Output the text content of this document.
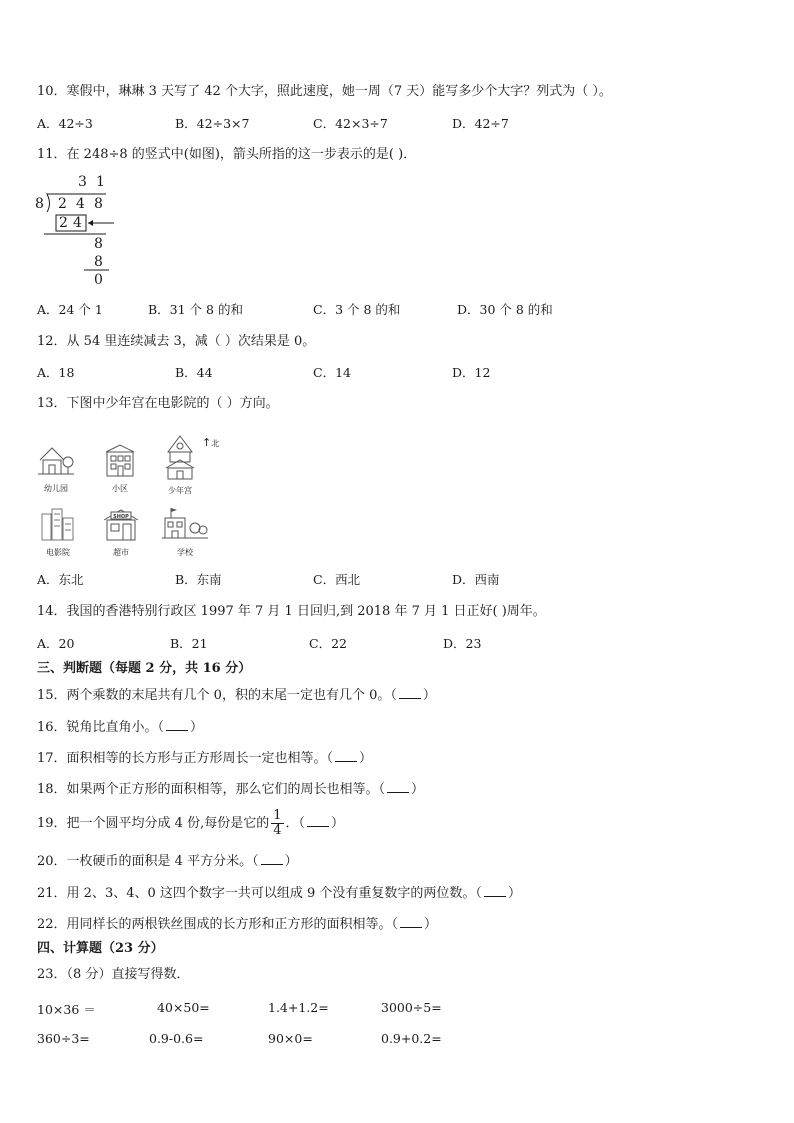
10．寒假中，琳琳 3 天写了 42 个大字，照此速度，她一周（7 天）能写多少个大字？列式为（ ）。
A．42÷3	B．42÷3×7	C．42×3÷7	D．42÷7
11．在 248÷8 的竖式中(如图)，箭头所指的这一步表示的是( )．
3 1
8 2 4 8
2 4
8
8
0
A．24 个 1	B．31 个 8 的和	C．3 个 8 的和	D．30 个 8 的和
12．从 54 里连续减去 3，减（ ）次结果是 0。
A．18	B．44	C．14	D．12
13．下图中少年宫在电影院的（ ）方向。
幼儿园	小区	少年宫
↑北
电影院
SHOP
超市	学校
A．东北	B．东南	C．西北	D．西南
14．我国的香港特别行政区 1997 年 7 月 1 日回归,到 2018 年 7 月 1 日正好( )周年。
A．20	B．21	C．22	D．23
三、判断题（每题 2 分，共 16 分）
15．两个乘数的末尾共有几个 0，积的末尾一定也有几个 0。（ ）
16．锐角比直角小。（ ）
17．面积相等的长方形与正方形周长一定也相等。（ ）
18．如果两个正方形的面积相等，那么它们的周长也相等。（ ）
19．把一个圆平均分成 4 份,每份是它的 $\frac{1}{4}$ ．（ ）
20．一枚硬币的面积是 4 平方分米。（ ）
21．用 2、3、4、0 这四个数字一共可以组成 9 个没有重复数字的两位数。（ ）
22．用同样长的两根铁丝围成的长方形和正方形的面积相等。（ ）
四、计算题（23 分）
23．（8 分）直接写得数．
10×36 ＝	40×50=	1.4+1.2=	3000÷5=
360÷3=	0.9-0.6=	90×0=	0.9+0.2=
